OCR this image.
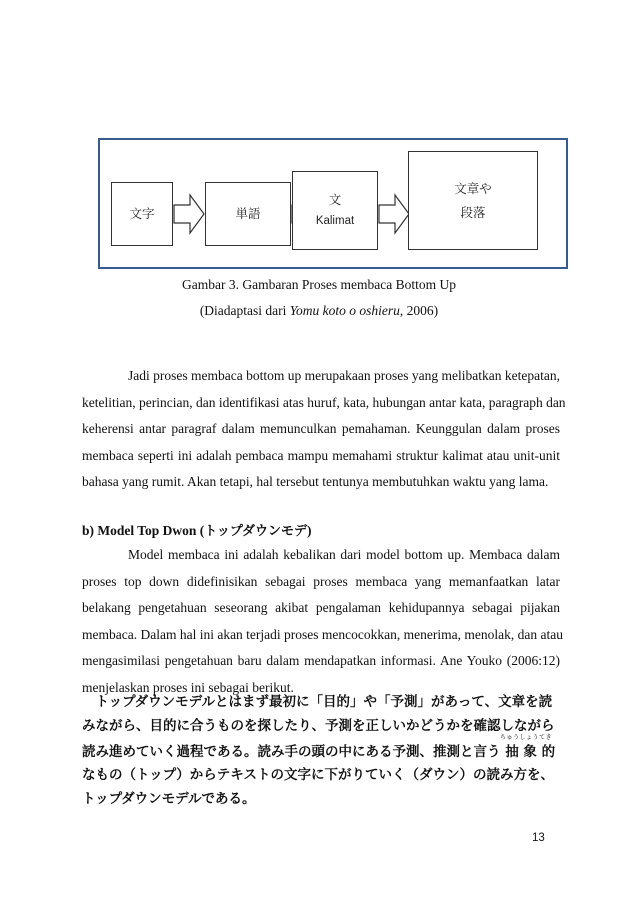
文字	単語
文
Kalimat
文章や
段落
Gambar 3. Gambaran Proses membaca Bottom Up
(Diadaptasi dari Yomu koto o oshieru, 2006)
Jadi proses membaca bottom up merupakaan proses yang melibatkan ketepatan,
ketelitian, perincian, dan identifikasi atas huruf, kata, hubungan antar kata, paragraph dan
keherensi antar paragraf dalam memunculkan pemahaman. Keunggulan dalam proses
membaca seperti ini adalah pembaca mampu memahami struktur kalimat atau unit-unit
bahasa yang rumit. Akan tetapi, hal tersebut tentunya membutuhkan waktu yang lama.
b) Model Top Dwon (トップダウンモデ)
Model membaca ini adalah kebalikan dari model bottom up. Membaca dalam
proses top down didefinisikan sebagai proses membaca yang memanfaatkan latar
belakang pengetahuan seseorang akibat pengalaman kehidupannya sebagai pijakan
membaca. Dalam hal ini akan terjadi proses mencocokkan, menerima, menolak, dan atau
mengasimilasi pengetahuan baru dalam mendapatkan informasi. Ane Youko (2006:12)
menjelaskan proses ini sebagai berikut.
　トップダウンモデルとはまず最初に「目的」や「予測」があって、文章を読
みながら、目的に合うものを探したり、予測を正しいかどうかを確認しながら
ちゅうしょうてき
読み進めていく過程である。読み手の頭の中にある予測、推測と言う 抽 象 的
なもの（トップ）からテキストの文字に下がりていく（ダウン）の読み方を、
トップダウンモデルである。
13
